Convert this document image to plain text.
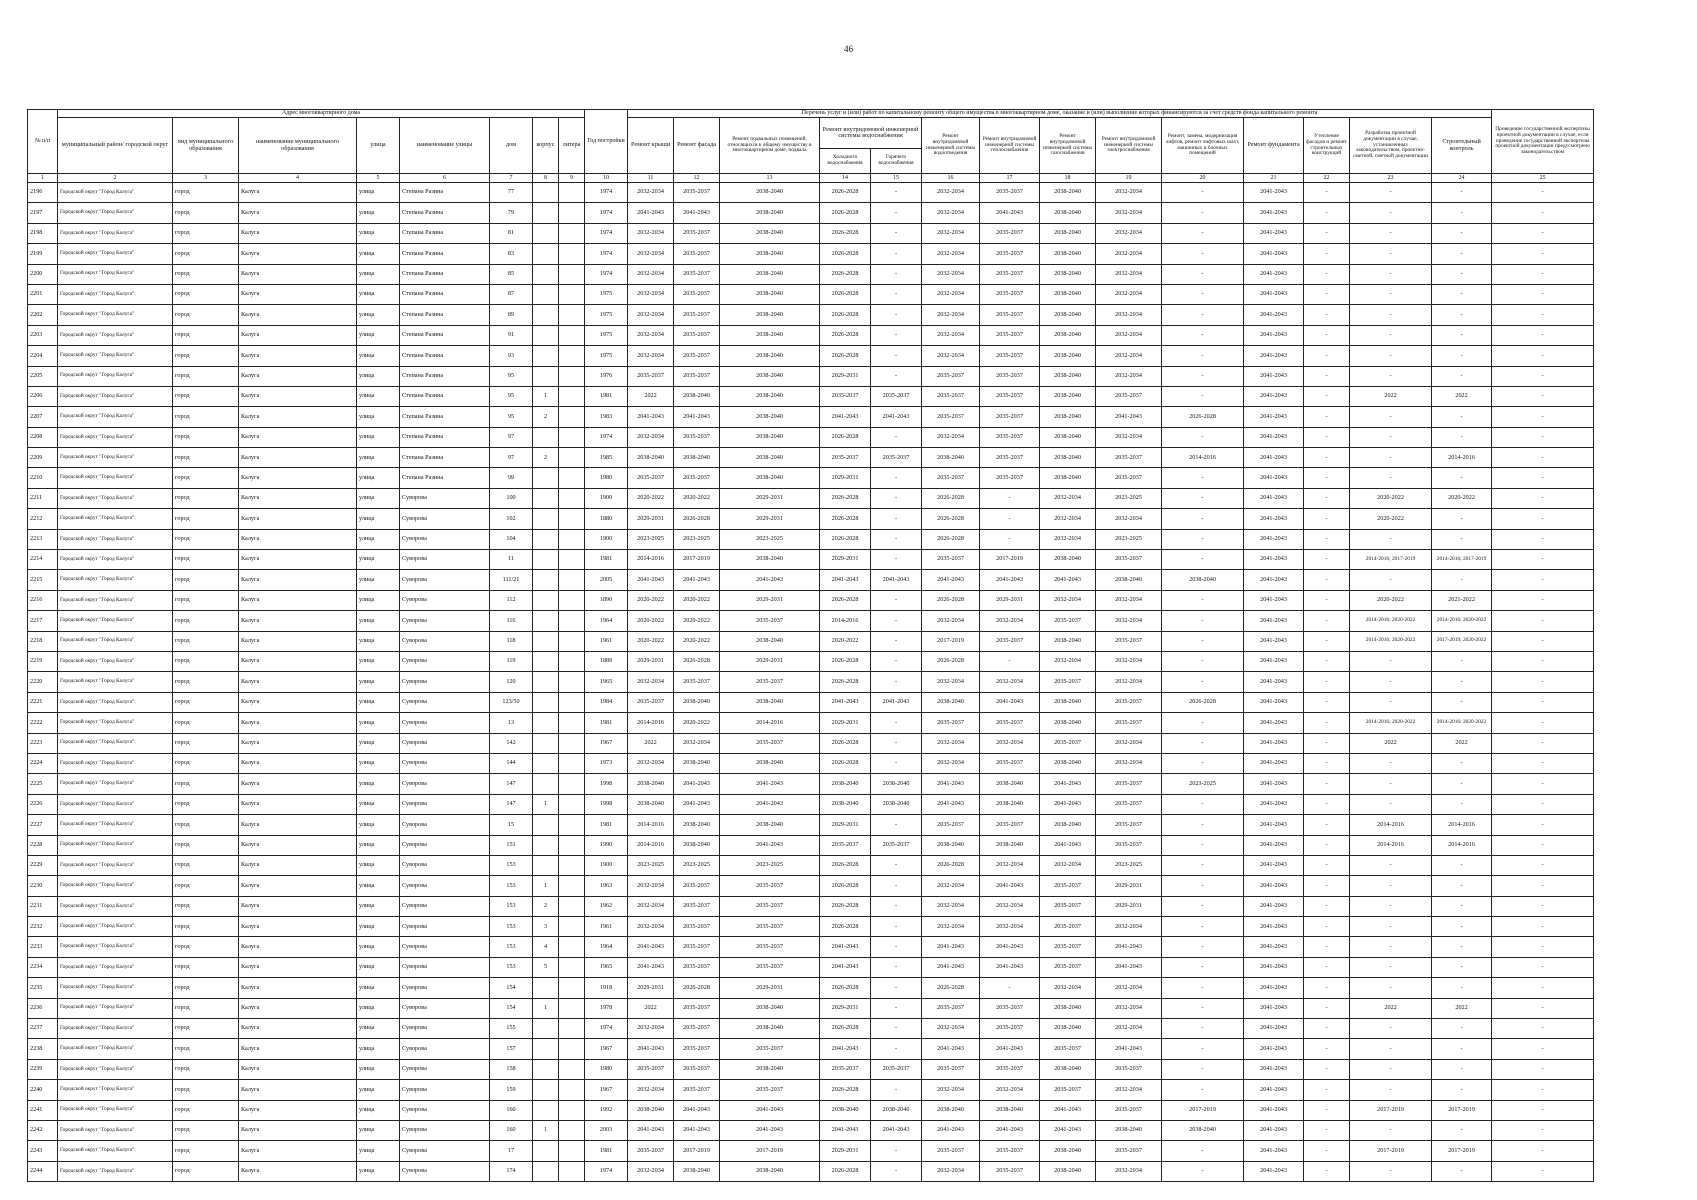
46
№ п/п	Адрес многоквартирного дома								Год постройки	Перечень услуг и (или) работ по капитальному ремонту общего имущества в многоквартирном доме, оказание и (или) выполнение которых финансируются за счет средств фонда капитального ремонта														Проведение государственной экспертизы проектной документации в случае, если проведение государственной экспертизы проектной документации предусмотрено законодательством
	муниципальный район/ городской округ	вид муниципального образования	наименование муниципального образования	улица	наименование улицы	дом	корпус	литера		Ремонт крыши	Ремонт фасада	Ремонт подвальных помещений, относящихся к общему имуществу в многоквартирном доме, подвала	Ремонт внутридомовой инженерной системы водоснабжения		Ремонт внутридомовой инженерной системы водоотведения	Ремонт внутридомовой инженерной системы теплоснабжения	Ремонт внутридомовой инженерной системы газоснабжения	Ремонт внутридомовой инженерной системы электроснабжения	Ремонт, замена, модернизация лифтов, ремонт лифтовых шахт, машинных и блочных помещений	Ремонт фундамента	Утепление фасадов и ремонт строительных конструкций	Разработка проектной документации в случае, установленных законодательством, проектно-сметной, сметной документации	Строительный контроль	
													Холодного водоснабжения	Горячего водоснабжения										
1	2	3	4	5	6	7	8	9	10	11	12	13	14	15	16	17	18	19	20	21	22	23	24	25
2196	Городской округ "Город Калуга"	город	Калуга	улица	Степана Разина	77			1974	2032-2034	2035-2037	2038-2040	2026-2028	-	2032-2034	2035-2037	2038-2040	2032-2034	-	2041-2043	-	-	-	-
2197	Городской округ "Город Калуга"	город	Калуга	улица	Степана Разина	79			1974	2041-2043	2041-2043	2038-2040	2026-2028	-	2032-2034	2041-2043	2038-2040	2032-2034	-	2041-2043	-	-	-	-
2198	Городской округ "Город Калуга"	город	Калуга	улица	Степана Разина	81			1974	2032-2034	2035-2037	2038-2040	2026-2028	-	2032-2034	2035-2037	2038-2040	2032-2034	-	2041-2043	-	-	-	-
2199	Городской округ "Город Калуга"	город	Калуга	улица	Степана Разина	83			1974	2032-2034	2035-2037	2038-2040	2026-2028	-	2032-2034	2035-2037	2038-2040	2032-2034	-	2041-2043	-	-	-	-
2200	Городской округ "Город Калуга"	город	Калуга	улица	Степана Разина	85			1974	2032-2034	2035-2037	2038-2040	2026-2028	-	2032-2034	2035-2037	2038-2040	2032-2034	-	2041-2043	-	-	-	-
2201	Городской округ "Город Калуга"	город	Калуга	улица	Степана Разина	87			1975	2032-2034	2035-2037	2038-2040	2026-2028	-	2032-2034	2035-2037	2038-2040	2032-2034	-	2041-2043	-	-	-	-
2202	Городской округ "Город Калуга"	город	Калуга	улица	Степана Разина	89			1975	2032-2034	2035-2037	2038-2040	2026-2028	-	2032-2034	2035-2037	2038-2040	2032-2034	-	2041-2043	-	-	-	-
2203	Городской округ "Город Калуга"	город	Калуга	улица	Степана Разина	91			1975	2032-2034	2035-2037	2038-2040	2026-2028	-	2032-2034	2035-2037	2038-2040	2032-2034	-	2041-2043	-	-	-	-
2204	Городской округ "Город Калуга"	город	Калуга	улица	Степана Разина	93			1975	2032-2034	2035-2037	2038-2040	2026-2028	-	2032-2034	2035-2037	2038-2040	2032-2034	-	2041-2043	-	-	-	-
2205	Городской округ "Город Калуга"	город	Калуга	улица	Степана Разина	95			1976	2035-2037	2035-2037	2038-2040	2029-2031	-	2035-2037	2035-2037	2038-2040	2032-2034	-	2041-2043	-	-	-	-
2206	Городской округ "Город Калуга"	город	Калуга	улица	Степана Разина	95	1		1981	2022	2038-2040	2038-2040	2035-2037	2035-2037	2035-2037	2035-2037	2038-2040	2035-2037	-	2041-2043	-	2022	2022	-
2207	Городской округ "Город Калуга"	город	Калуга	улица	Степана Разина	95	2		1983	2041-2043	2041-2043	2038-2040	2041-2043	2041-2043	2035-2037	2035-2037	2038-2040	2041-2043	2026-2028	2041-2043	-	-	-	-
2208	Городской округ "Город Калуга"	город	Калуга	улица	Степана Разина	97			1974	2032-2034	2035-2037	2038-2040	2026-2028	-	2032-2034	2035-2037	2038-2040	2032-2034	-	2041-2043	-	-	-	-
2209	Городской округ "Город Калуга"	город	Калуга	улица	Степана Разина	97	2		1985	2038-2040	2038-2040	2038-2040	2035-2037	2035-2037	2038-2040	2035-2037	2038-2040	2035-2037	2014-2016	2041-2043	-	-	2014-2016	-
2210	Городской округ "Город Калуга"	город	Калуга	улица	Степана Разина	99			1980	2035-2037	2035-2037	2038-2040	2029-2031	-	2035-2037	2035-2037	2038-2040	2035-2037	-	2041-2043	-	-	-	-
2211	Городской округ "Город Калуга"	город	Калуга	улица	Суворова	100			1900	2020-2022	2020-2022	2029-2031	2026-2028	-	2026-2028	-	2032-2034	2023-2025	-	2041-2043	-	2020-2022	2020-2022	-
2212	Городской округ "Город Калуга"	город	Калуга	улица	Суворова	102			1880	2029-2031	2026-2028	2029-2031	2026-2028	-	2026-2028	-	2032-2034	2032-2034	-	2041-2043	-	2020-2022	-	-
2213	Городской округ "Город Калуга"	город	Калуга	улица	Суворова	104			1900	2023-2025	2023-2025	2023-2025	2026-2028	-	2026-2028	-	2032-2034	2023-2025	-	2041-2043	-	-	-	-
2214	Городской округ "Город Калуга"	город	Калуга	улица	Суворова	11			1981	2014-2016	2017-2019	2038-2040	2029-2031	-	2035-2037	2017-2019	2038-2040	2035-2037	-	2041-2043	-	2014-2016; 2017-2019	2014-2016; 2017-2019	-
2215	Городской округ "Город Калуга"	город	Калуга	улица	Суворова	111/21			2005	2041-2043	2041-2043	2041-2043	2041-2043	2041-2043	2041-2043	2041-2043	2041-2043	2038-2040	2038-2040	2041-2043	-	-	-	-
2216	Городской округ "Город Калуга"	город	Калуга	улица	Суворова	112			1890	2020-2022	2020-2022	2029-2031	2026-2028	-	2026-2028	2029-2031	2032-2034	2032-2034	-	2041-2043	-	2020-2022	2021-2022	-
2217	Городской округ "Город Калуга"	город	Калуга	улица	Суворова	116			1964	2020-2022	2020-2022	2035-2037	2014-2016	-	2032-2034	2032-2034	2035-2037	2032-2034	-	2041-2043	-	2014-2016; 2020-2022	2014-2016; 2020-2022	-
2218	Городской округ "Город Калуга"	город	Калуга	улица	Суворова	118			1961	2020-2022	2020-2022	2038-2040	2020-2022	-	2017-2019	2035-2037	2038-2040	2035-2037	-	2041-2043	-	2014-2016; 2020-2022	2017-2019; 2020-2022	-
2219	Городской округ "Город Калуга"	город	Калуга	улица	Суворова	119			1889	2029-2031	2026-2028	2029-2031	2026-2028	-	2026-2028	-	2032-2034	2032-2034	-	2041-2043	-	-	-	-
2220	Городской округ "Город Калуга"	город	Калуга	улица	Суворова	120			1965	2032-2034	2035-2037	2035-2037	2026-2028	-	2032-2034	2032-2034	2035-2037	2032-2034	-	2041-2043	-	-	-	-
2221	Городской округ "Город Калуга"	город	Калуга	улица	Суворова	123/50			1984	2035-2037	2038-2040	2038-2040	2041-2043	2041-2043	2038-2040	2041-2043	2038-2040	2035-2037	2026-2028	2041-2043	-	-	-	-
2222	Городской округ "Город Калуга"	город	Калуга	улица	Суворова	13			1981	2014-2016	2020-2022	2014-2016	2029-2031	-	2035-2037	2035-2037	2038-2040	2035-2037	-	2041-2043	-	2014-2016; 2020-2022	2014-2016; 2020-2022	-
2223	Городской округ "Город Калуга"	город	Калуга	улица	Суворова	142			1967	2022	2032-2034	2035-2037	2026-2028	-	2032-2034	2032-2034	2035-2037	2032-2034	-	2041-2043	-	2022	2022	-
2224	Городской округ "Город Калуга"	город	Калуга	улица	Суворова	144			1973	2032-2034	2038-2040	2038-2040	2026-2028	-	2032-2034	2035-2037	2038-2040	2032-2034	-	2041-2043	-	-	-	-
2225	Городской округ "Город Калуга"	город	Калуга	улица	Суворова	147			1998	2038-2040	2041-2043	2041-2043	2038-2040	2038-2040	2041-2043	2038-2040	2041-2043	2035-2037	2023-2025	2041-2043	-	-	-	-
2226	Городской округ "Город Калуга"	город	Калуга	улица	Суворова	147	1		1998	2038-2040	2041-2043	2041-2043	2038-2040	2038-2040	2041-2043	2038-2040	2041-2043	2035-2037	-	2041-2043	-	-	-	-
2227	Городской округ "Город Калуга"	город	Калуга	улица	Суворова	15			1981	2014-2016	2038-2040	2038-2040	2029-2031	-	2035-2037	2035-2037	2038-2040	2035-2037	-	2041-2043	-	2014-2016	2014-2016	-
2228	Городской округ "Город Калуга"	город	Калуга	улица	Суворова	151			1990	2014-2016	2038-2040	2041-2043	2035-2037	2035-2037	2038-2040	2038-2040	2041-2043	2035-2037	-	2041-2043	-	2014-2016	2014-2016	-
2229	Городской округ "Город Калуга"	город	Калуга	улица	Суворова	153			1900	2023-2025	2023-2025	2023-2025	2026-2028	-	2026-2028	2032-2034	2032-2034	2023-2025	-	2041-2043	-	-	-	-
2230	Городской округ "Город Калуга"	город	Калуга	улица	Суворова	153	1		1963	2032-2034	2035-2037	2035-2037	2026-2028	-	2032-2034	2041-2043	2035-2037	2029-2031	-	2041-2043	-	-	-	-
2231	Городской округ "Город Калуга"	город	Калуга	улица	Суворова	153	2		1962	2032-2034	2035-2037	2035-2037	2026-2028	-	2032-2034	2032-2034	2035-2037	2029-2031	-	2041-2043	-	-	-	-
2232	Городской округ "Город Калуга"	город	Калуга	улица	Суворова	153	3		1961	2032-2034	2035-2037	2035-2037	2026-2028	-	2032-2034	2032-2034	2035-2037	2032-2034	-	2041-2043	-	-	-	-
2233	Городской округ "Город Калуга"	город	Калуга	улица	Суворова	153	4		1964	2041-2043	2035-2037	2035-2037	2041-2043	-	2041-2043	2041-2043	2035-2037	2041-2043	-	2041-2043	-	-	-	-
2234	Городской округ "Город Калуга"	город	Калуга	улица	Суворова	153	5		1965	2041-2043	2035-2037	2035-2037	2041-2043	-	2041-2043	2041-2043	2035-2037	2041-2043	-	2041-2043	-	-	-	-
2235	Городской округ "Город Калуга"	город	Калуга	улица	Суворова	154			1918	2029-2031	2026-2028	2029-2031	2026-2028	-	2026-2028	-	2032-2034	2032-2034	-	2041-2043	-	-	-	-
2236	Городской округ "Город Калуга"	город	Калуга	улица	Суворова	154	1		1978	2022	2035-2037	2038-2040	2029-2031	-	2035-2037	2035-2037	2038-2040	2032-2034	-	2041-2043	-	2022	2022	-
2237	Городской округ "Город Калуга"	город	Калуга	улица	Суворова	155			1974	2032-2034	2035-2037	2038-2040	2026-2028	-	2032-2034	2035-2037	2038-2040	2032-2034	-	2041-2043	-	-	-	-
2238	Городской округ "Город Калуга"	город	Калуга	улица	Суворова	157			1967	2041-2043	2035-2037	2035-2037	2041-2043	-	2041-2043	2041-2043	2035-2037	2041-2043	-	2041-2043	-	-	-	-
2239	Городской округ "Город Калуга"	город	Калуга	улица	Суворова	158			1980	2035-2037	2035-2037	2038-2040	2035-2037	2035-2037	2035-2037	2035-2037	2038-2040	2035-2037	-	2041-2043	-	-	-	-
2240	Городской округ "Город Калуга"	город	Калуга	улица	Суворова	159			1967	2032-2034	2035-2037	2035-2037	2026-2028	-	2032-2034	2032-2034	2035-2037	2032-2034	-	2041-2043	-	-	-	-
2241	Городской округ "Город Калуга"	город	Калуга	улица	Суворова	160			1992	2038-2040	2041-2043	2041-2043	2038-2040	2038-2040	2038-2040	2038-2040	2041-2043	2035-2037	2017-2019	2041-2043	-	2017-2019	2017-2019	-
2242	Городской округ "Город Калуга"	город	Калуга	улица	Суворова	160	1		2003	2041-2043	2041-2043	2041-2043	2041-2043	2041-2043	2041-2043	2041-2043	2041-2043	2038-2040	2038-2040	2041-2043	-	-	-	-
2243	Городской округ "Город Калуга"	город	Калуга	улица	Суворова	17			1981	2035-2037	2017-2019	2017-2019	2029-2031	-	2035-2037	2035-2037	2038-2040	2035-2037	-	2041-2043	-	2017-2019	2017-2019	-
2244	Городской округ "Город Калуга"	город	Калуга	улица	Суворова	174			1974	2032-2034	2038-2040	2038-2040	2026-2028	-	2032-2034	2035-2037	2038-2040	2032-2034	-	2041-2043	-	-	-	-
